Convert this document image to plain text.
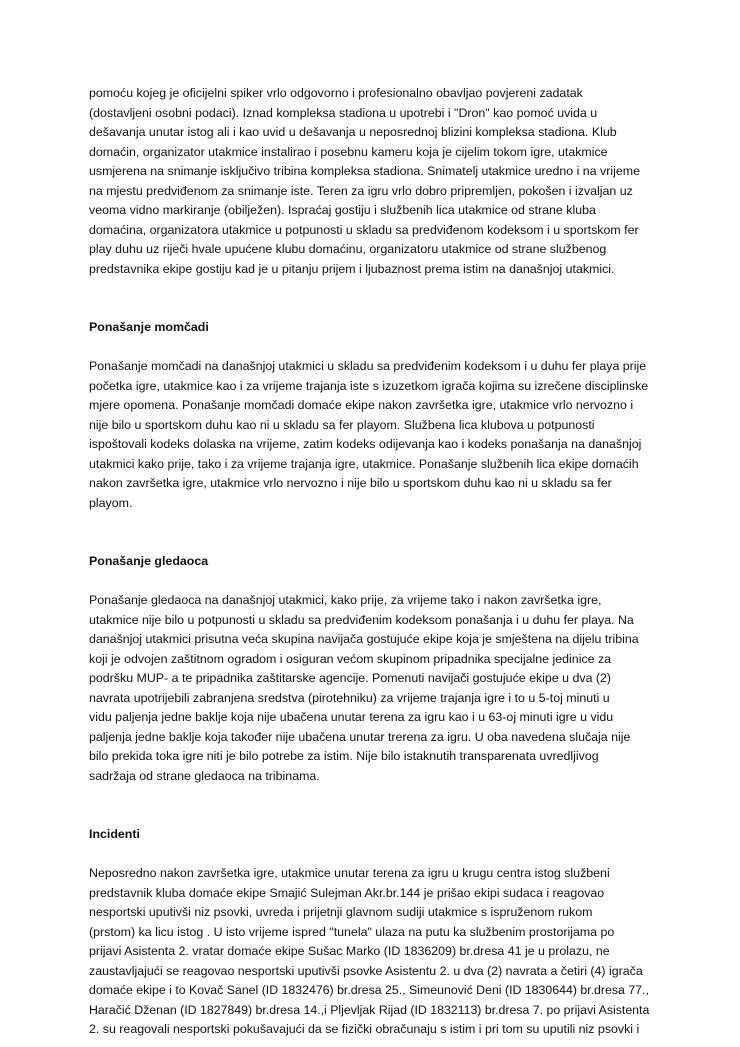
pomoću kojeg je oficijelni spiker vrlo odgovorno i profesionalno obavljao povjereni zadatak
(dostavljeni osobni podaci). Iznad kompleksa stadiona u upotrebi i "Dron" kao pomoć uvida u
dešavanja unutar istog ali i kao uvid u dešavanja u neposrednoj blizini kompleksa stadiona. Klub
domaćin, organizator utakmice instalirao i posebnu kameru koja je cijelim tokom igre, utakmice
usmjerena na snimanje isključivo tribina kompleksa stadiona. Snimatelj utakmice uredno i na vrijeme
na mjestu predviđenom za snimanje iste. Teren za igru vrlo dobro pripremljen, pokošen i izvaljan uz
veoma vidno markiranje (obilježen). Ispraćaj gostiju i službenih lica utakmice od strane kluba
domaćina, organizatora utakmice u potpunosti u skladu sa predviđenom kodeksom i u sportskom fer
play duhu uz riječi hvale upućene klubu domaćinu, organizatoru utakmice od strane službenog
predstavnika ekipe gostiju kad je u pitanju prijem i ljubaznost prema istim na današnjoj utakmici.
Ponašanje momčadi
Ponašanje momčadi na današnjoj utakmici u skladu sa predviđenim kodeksom i u duhu fer playa prije
početka igre, utakmice kao i za vrijeme trajanja iste s izuzetkom igrača kojima su izrečene disciplinske
mjere opomena. Ponašanje momčadi domaće ekipe nakon završetka igre, utakmice vrlo nervozno i
nije bilo u sportskom duhu kao ni u skladu sa fer playom. Službena lica klubova u potpunosti
ispoštovali kodeks dolaska na vrijeme, zatim kodeks odijevanja kao i kodeks ponašanja na današnjoj
utakmici kako prije, tako i za vrijeme trajanja igre, utakmice. Ponašanje službenih lica ekipe domaćih
nakon završetka igre, utakmice vrlo nervozno i nije bilo u sportskom duhu kao ni u skladu sa fer
playom.
Ponašanje gledaoca
Ponašanje gledaoca na današnjoj utakmici, kako prije, za vrijeme tako i nakon završetka igre,
utakmice nije bilo u potpunosti u skladu sa predviđenim kodeksom ponašanja i u duhu fer playa. Na
današnjoj utakmici prisutna veća skupina navijača gostujuće ekipe koja je smještena na dijelu tribina
koji je odvojen zaštitnom ogradom i osiguran većom skupinom pripadnika specijalne jedinice za
podršku MUP- a te pripadnika zaštitarske agencije. Pomenuti navijači gostujuće ekipe u dva (2)
navrata upotrijebili zabranjena sredstva (pirotehniku) za vrijeme trajanja igre i to u 5-toj minuti u
vidu paljenja jedne baklje koja nije ubačena unutar terena za igru kao i u 63-oj minuti igre u vidu
paljenja jedne baklje koja također nije ubačena unutar trerena za igru. U oba navedena slučaja nije
bilo prekida toka igre niti je bilo potrebe za istim. Nije bilo istaknutih transparenata uvredljivog
sadržaja od strane gledaoca na tribinama.
Incidenti
Neposredno nakon završetka igre, utakmice unutar terena za igru u krugu centra istog službeni
predstavnik kluba domaće ekipe Smajić Sulejman Akr.br.144 je prišao ekipi sudaca i reagovao
nesportski uputivši niz psovki, uvreda i prijetnji glavnom sudiji utakmice s ispruženom rukom
(prstom) ka licu istog . U isto vrijeme ispred "tunela" ulaza na putu ka službenim prostorijama po
prijavi Asistenta 2. vratar domaće ekipe Sušac Marko (ID 1836209) br.dresa 41 je u prolazu, ne
zaustavljajući se reagovao nesportski uputivši psovke Asistentu 2. u dva (2) navrata a četiri (4) igrača
domaće ekipe i to Kovač Sanel (ID 1832476) br.dresa 25., Simeunović Deni (ID 1830644) br.dresa 77.,
Haračić Dženan (ID 1827849) br.dresa 14.,i Pljevljak Rijad (ID 1832113) br.dresa 7. po prijavi Asistenta
2. su reagovali nesportski pokušavajući da se fizički obračunaju s istim i pri tom su uputili niz psovki i
